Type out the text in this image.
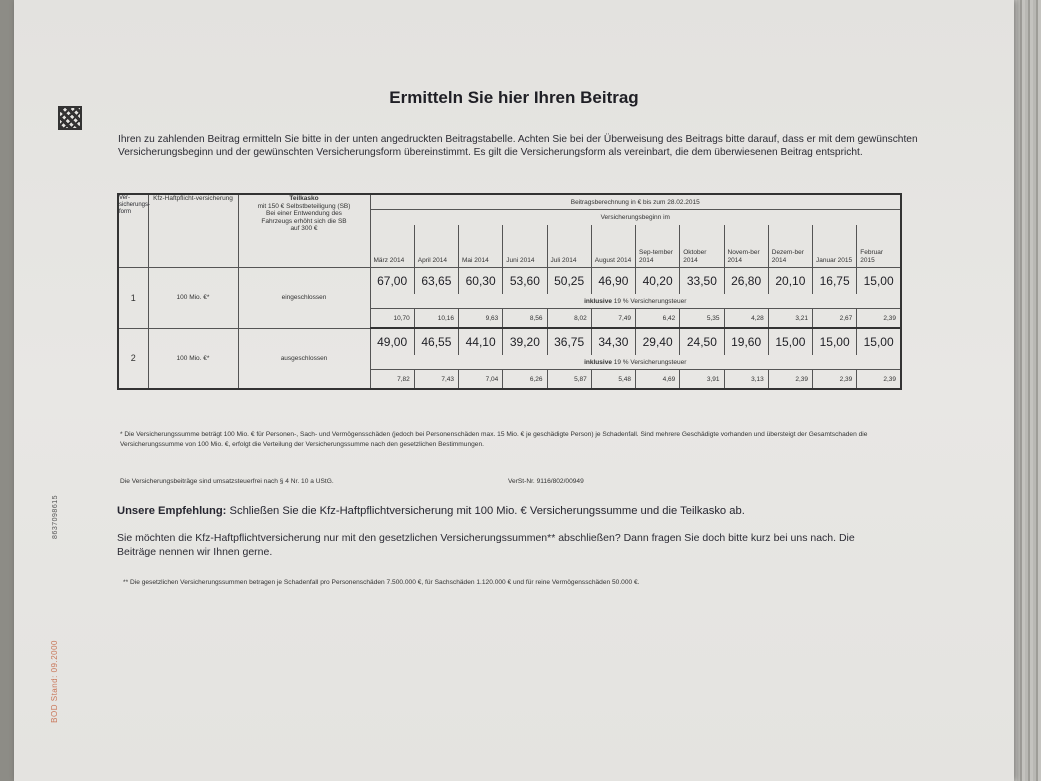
8637098615
BOD Stand: 09.2000
Ermitteln Sie hier Ihren Beitrag
Ihren zu zahlenden Beitrag ermitteln Sie bitte in der unten angedruckten Beitragstabelle. Achten Sie bei der Überweisung des Beitrags bitte darauf, dass er mit dem gewünschten Versicherungsbeginn und der gewünschten Versicherungsform übereinstimmt. Es gilt die Versicherungsform als vereinbart, die dem überwiesenen Beitrag entspricht.
Ver-sicherungs-form	Kfz-Haftpflicht-versicherung	Teilkasko
mit 150 € Selbstbeteiligung (SB) Bei einer Entwendung des Fahrzeugs erhöht sich die SB auf 300 €	Beitragsberechnung in € bis zum 28.02.2015											
			Versicherungsbeginn im											
			März 2014	April 2014	Mai 2014	Juni 2014	Juli 2014	August 2014	Sep-tember 2014	Oktober 2014	Novem-ber 2014	Dezem-ber 2014	Januar 2015	Februar 2015
1	100 Mio. €*	eingeschlossen	67,00	63,65	60,30	53,60	50,25	46,90	40,20	33,50	26,80	20,10	16,75	15,00
			inklusive 19 % Versicherungsteuer											
			10,70	10,16	9,63	8,56	8,02	7,49	6,42	5,35	4,28	3,21	2,67	2,39
2	100 Mio. €*	ausgeschlossen	49,00	46,55	44,10	39,20	36,75	34,30	29,40	24,50	19,60	15,00	15,00	15,00
			inklusive 19 % Versicherungsteuer											
			7,82	7,43	7,04	6,26	5,87	5,48	4,69	3,91	3,13	2,39	2,39	2,39
* Die Versicherungssumme beträgt 100 Mio. € für Personen-, Sach- und Vermögensschäden (jedoch bei Personenschäden max. 15 Mio. € je geschädigte Person) je Schadenfall. Sind mehrere Geschädigte vorhanden und übersteigt der Gesamtschaden die Versicherungssumme von 100 Mio. €, erfolgt die Verteilung der Versicherungssumme nach den gesetzlichen Bestimmungen.
Die Versicherungsbeiträge sind umsatzsteuerfrei nach § 4 Nr. 10 a UStG.	VerSt-Nr. 9116/802/00949
Unsere Empfehlung: Schließen Sie die Kfz-Haftpflichtversicherung mit 100 Mio. € Versicherungssumme und die Teilkasko ab.
Sie möchten die Kfz-Haftpflichtversicherung nur mit den gesetzlichen Versicherungssummen** abschließen? Dann fragen Sie doch bitte kurz bei uns nach. Die Beiträge nennen wir Ihnen gerne.
** Die gesetzlichen Versicherungssummen betragen je Schadenfall pro Personenschäden 7.500.000 €, für Sachschäden 1.120.000 € und für reine Vermögensschäden 50.000 €.
